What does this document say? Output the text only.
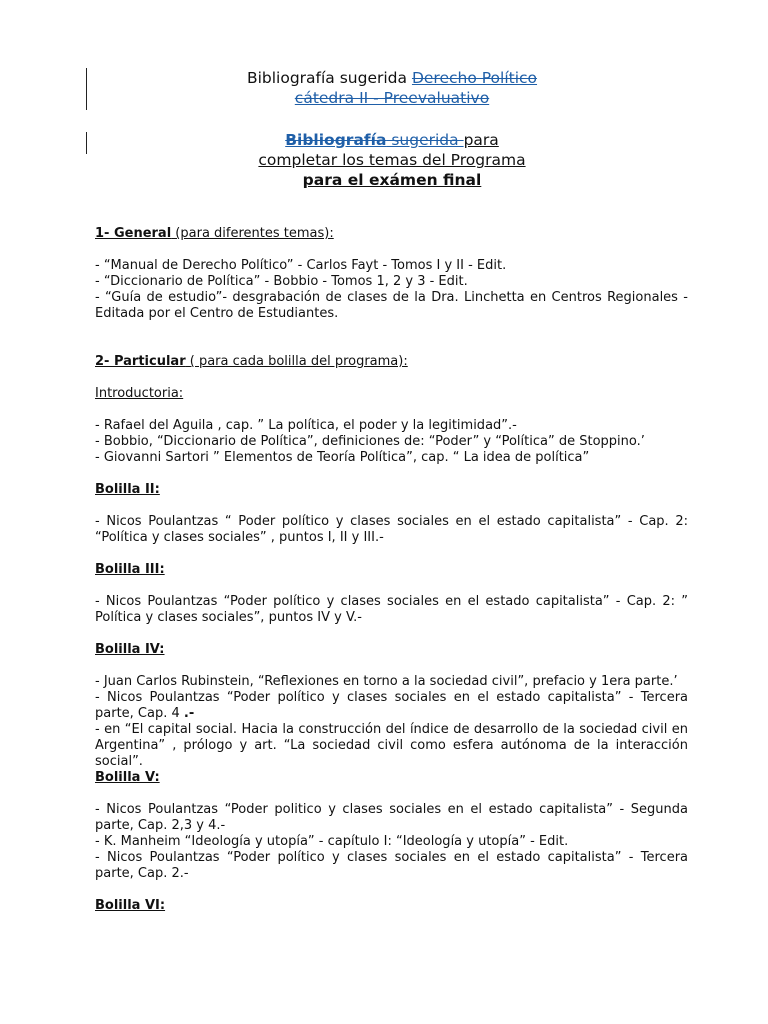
Bibliografía sugerida Derecho Político
cátedra II - Preevaluativo
Bibliografía sugerida para
completar los temas del Programa
para el exámen final

1- General (para diferentes temas):

- “Manual de Derecho Político” - Carlos Fayt - Tomos I y II - Edit.

- “Diccionario de Política” - Bobbio - Tomos 1, 2 y 3 - Edit.

- “Guía de estudio”- desgrabación de clases de la Dra. Linchetta en Centros Regionales - Editada por el Centro de Estudiantes.

2- Particular ( para cada bolilla del programa):

Introductoria:

- Rafael del Aguila , cap. ” La política, el poder y la legitimidad”.-

- Bobbio, “Diccionario de Política”, definiciones de: “Poder” y “Política” de Stoppino.’

- Giovanni Sartori ” Elementos de Teoría Política”, cap. “ La idea de política”

Bolilla II:

- Nicos Poulantzas “ Poder político y clases sociales en el estado capitalista” - Cap. 2: “Política y clases sociales” , puntos I, II y III.-

Bolilla III:

- Nicos Poulantzas “Poder político y clases sociales en el estado capitalista” - Cap. 2: ” Política y clases sociales”, puntos IV y V.-

Bolilla IV:

- Juan Carlos Rubinstein, “Reflexiones en torno a la sociedad civil”, prefacio y 1era parte.’

- Nicos Poulantzas “Poder político y clases sociales en el estado capitalista” - Tercera parte, Cap. 4 .-

- en “El capital social. Hacia la construcción del índice de desarrollo de la sociedad civil en Argentina” , prólogo y art. “La sociedad civil como esfera autónoma de la interacción social”.

Bolilla V:

- Nicos Poulantzas “Poder politico y clases sociales en el estado capitalista” - Segunda parte, Cap. 2,3 y 4.-

- K. Manheim “Ideología y utopía” - capítulo I: “Ideología y utopía” - Edit.

- Nicos Poulantzas “Poder político y clases sociales en el estado capitalista” - Tercera parte, Cap. 2.-

Bolilla VI:
